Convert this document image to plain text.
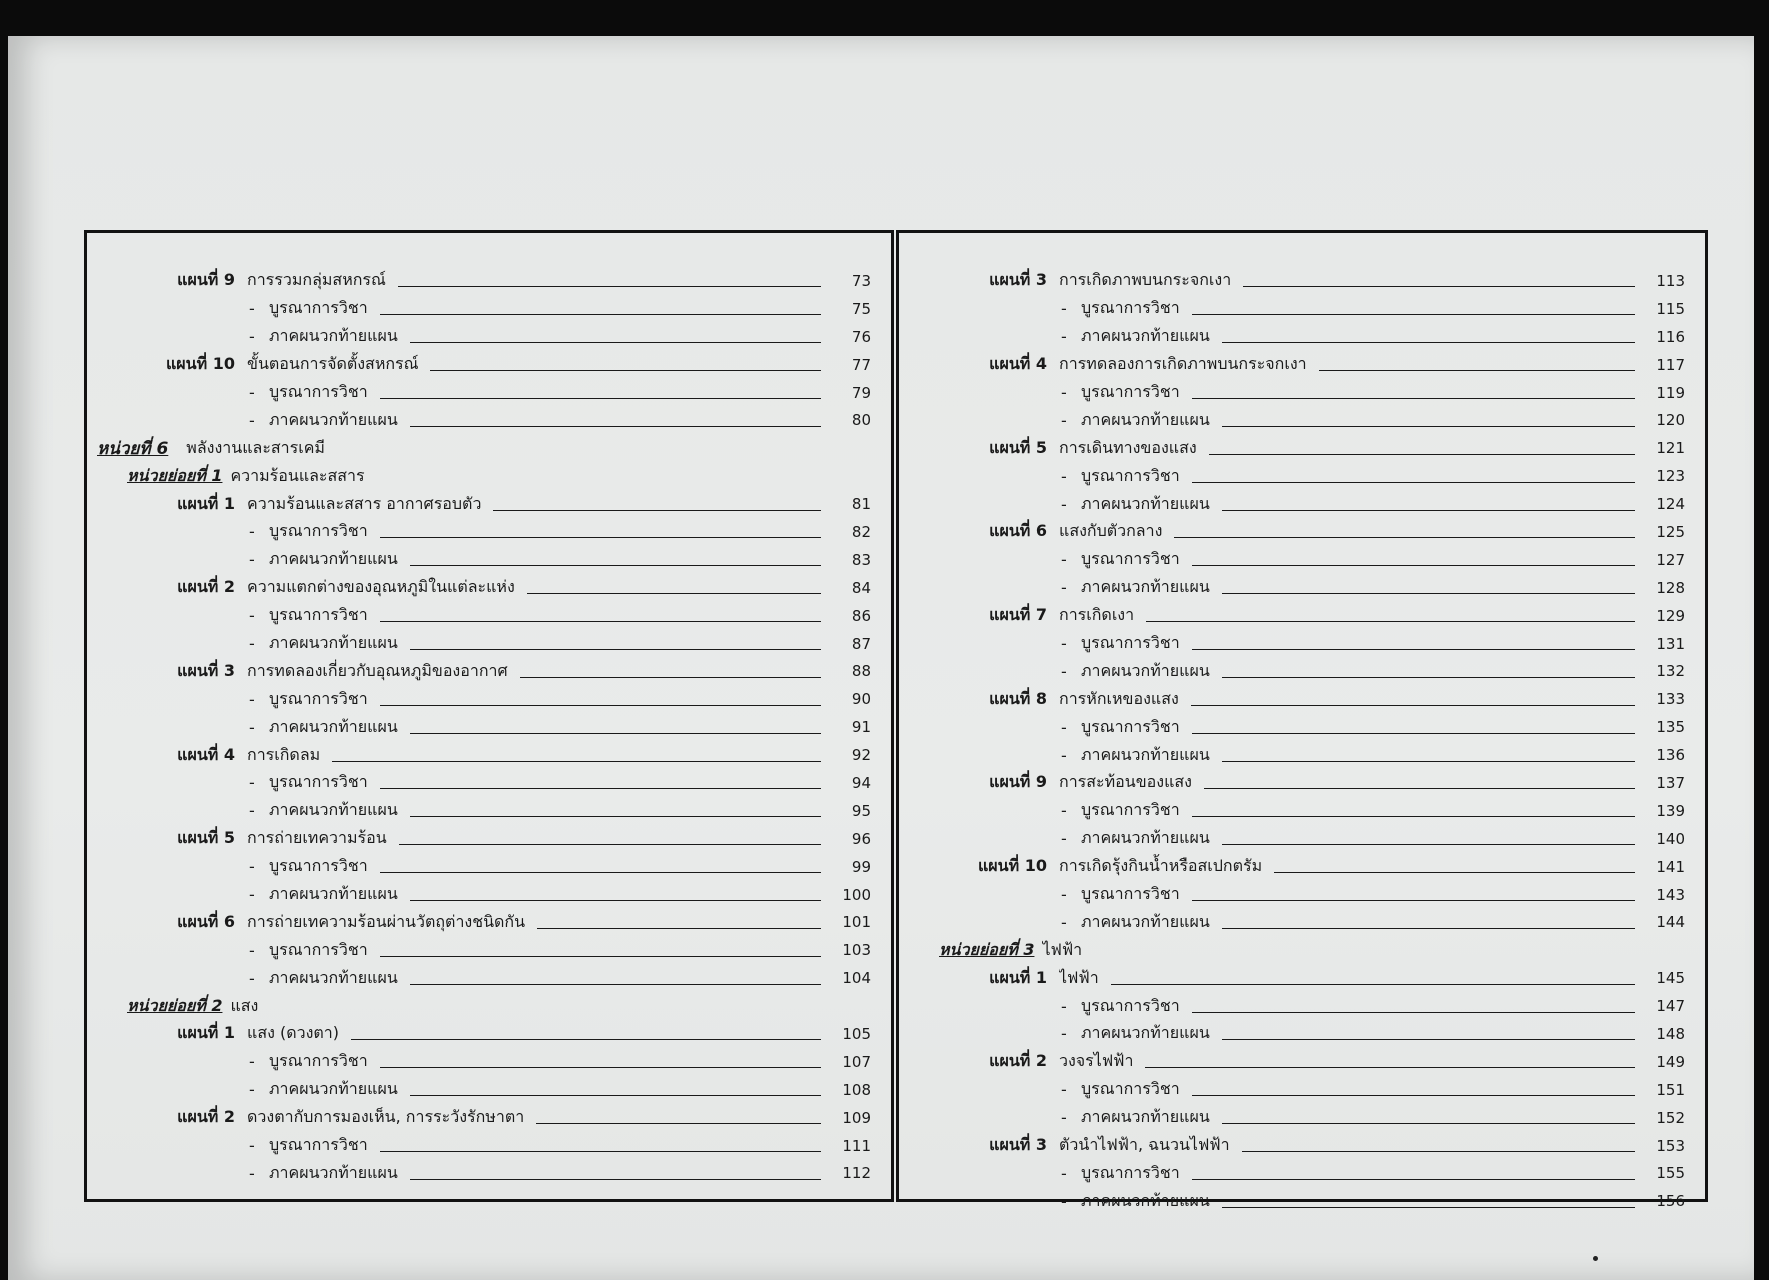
แผนที่ 9 การรวมกลุ่มสหกรณ์	73
- บูรณาการวิชา	75
- ภาคผนวกท้ายแผน	76
แผนที่ 10 ขั้นตอนการจัดตั้งสหกรณ์	77
- บูรณาการวิชา	79
- ภาคผนวกท้ายแผน	80
หน่วยที่ 6 พลังงานและสารเคมี
หน่วยย่อยที่ 1 ความร้อนและสสาร
แผนที่ 1 ความร้อนและสสาร อากาศรอบตัว	81
- บูรณาการวิชา	82
- ภาคผนวกท้ายแผน	83
แผนที่ 2 ความแตกต่างของอุณหภูมิในแต่ละแห่ง	84
- บูรณาการวิชา	86
- ภาคผนวกท้ายแผน	87
แผนที่ 3 การทดลองเกี่ยวกับอุณหภูมิของอากาศ	88
- บูรณาการวิชา	90
- ภาคผนวกท้ายแผน	91
แผนที่ 4 การเกิดลม	92
- บูรณาการวิชา	94
- ภาคผนวกท้ายแผน	95
แผนที่ 5 การถ่ายเทความร้อน	96
- บูรณาการวิชา	99
- ภาคผนวกท้ายแผน	100
แผนที่ 6 การถ่ายเทความร้อนผ่านวัตถุต่างชนิดกัน	101
- บูรณาการวิชา	103
- ภาคผนวกท้ายแผน	104
หน่วยย่อยที่ 2 แสง
แผนที่ 1 แสง (ดวงตา)	105
- บูรณาการวิชา	107
- ภาคผนวกท้ายแผน	108
แผนที่ 2 ดวงตากับการมองเห็น, การระวังรักษาตา	109
- บูรณาการวิชา	111
- ภาคผนวกท้ายแผน	112
แผนที่ 3 การเกิดภาพบนกระจกเงา	113
- บูรณาการวิชา	115
- ภาคผนวกท้ายแผน	116
แผนที่ 4 การทดลองการเกิดภาพบนกระจกเงา	117
- บูรณาการวิชา	119
- ภาคผนวกท้ายแผน	120
แผนที่ 5 การเดินทางของแสง	121
- บูรณาการวิชา	123
- ภาคผนวกท้ายแผน	124
แผนที่ 6 แสงกับตัวกลาง	125
- บูรณาการวิชา	127
- ภาคผนวกท้ายแผน	128
แผนที่ 7 การเกิดเงา	129
- บูรณาการวิชา	131
- ภาคผนวกท้ายแผน	132
แผนที่ 8 การหักเหของแสง	133
- บูรณาการวิชา	135
- ภาคผนวกท้ายแผน	136
แผนที่ 9 การสะท้อนของแสง	137
- บูรณาการวิชา	139
- ภาคผนวกท้ายแผน	140
แผนที่ 10 การเกิดรุ้งกินน้ำหรือสเปกตรัม	141
- บูรณาการวิชา	143
- ภาคผนวกท้ายแผน	144
หน่วยย่อยที่ 3 ไฟฟ้า
แผนที่ 1 ไฟฟ้า	145
- บูรณาการวิชา	147
- ภาคผนวกท้ายแผน	148
แผนที่ 2 วงจรไฟฟ้า	149
- บูรณาการวิชา	151
- ภาคผนวกท้ายแผน	152
แผนที่ 3 ตัวนำไฟฟ้า, ฉนวนไฟฟ้า	153
- บูรณาการวิชา	155
- ภาคผนวกท้ายแผน	156
